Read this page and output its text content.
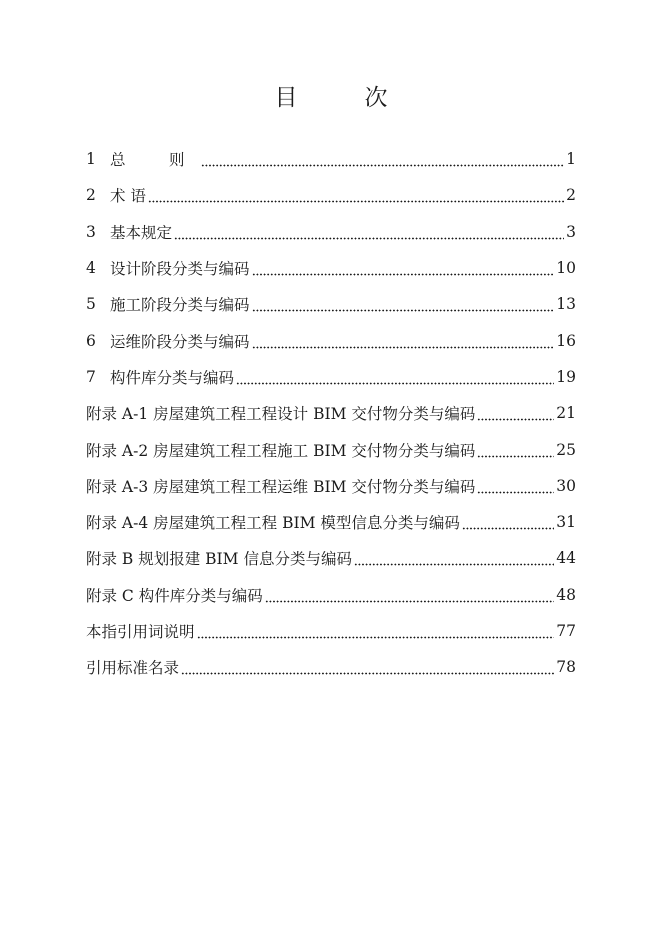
目　次
1 总　则	1
2 术 语	2
3 基本规定	3
4 设计阶段分类与编码	10
5 施工阶段分类与编码	13
6 运维阶段分类与编码	16
7 构件库分类与编码	19
附录 A-1 房屋建筑工程工程设计 BIM 交付物分类与编码	21
附录 A-2 房屋建筑工程工程施工 BIM 交付物分类与编码	25
附录 A-3 房屋建筑工程工程运维 BIM 交付物分类与编码	30
附录 A-4 房屋建筑工程工程 BIM 模型信息分类与编码	31
附录 B 规划报建 BIM 信息分类与编码	44
附录 C 构件库分类与编码	48
本指引用词说明	77
引用标准名录	78
